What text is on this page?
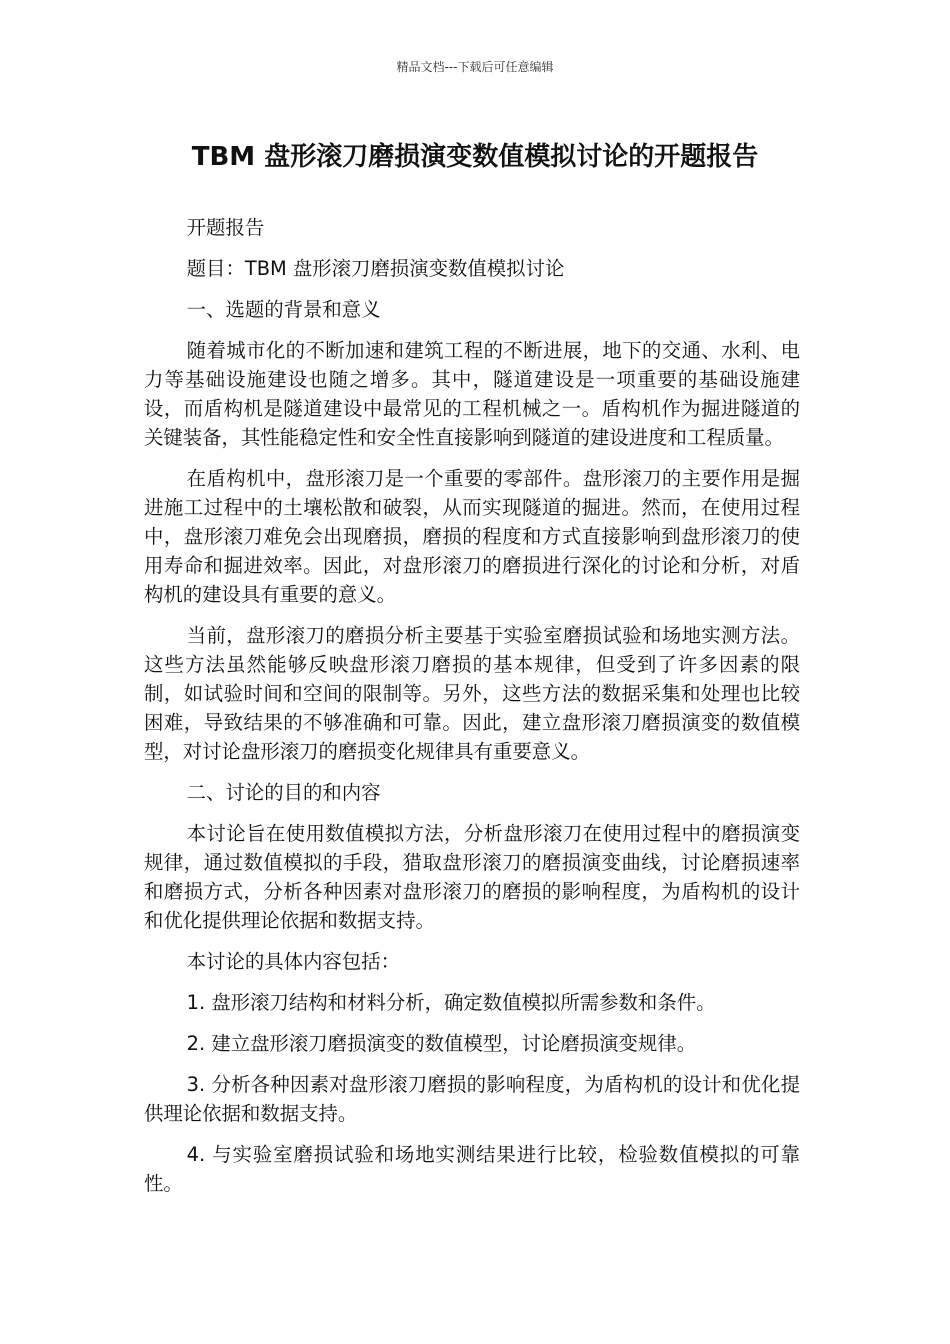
精品文档---下载后可任意编辑
TBM 盘形滚刀磨损演变数值模拟讨论的开题报告

开题报告

题目：TBM 盘形滚刀磨损演变数值模拟讨论

一、选题的背景和意义

随着城市化的不断加速和建筑工程的不断进展，地下的交通、水利、电力等基础设施建设也随之增多。其中，隧道建设是一项重要的基础设施建设，而盾构机是隧道建设中最常见的工程机械之一。盾构机作为掘进隧道的关键装备，其性能稳定性和安全性直接影响到隧道的建设进度和工程质量。

在盾构机中，盘形滚刀是一个重要的零部件。盘形滚刀的主要作用是掘进施工过程中的土壤松散和破裂，从而实现隧道的掘进。然而，在使用过程中，盘形滚刀难免会出现磨损，磨损的程度和方式直接影响到盘形滚刀的使用寿命和掘进效率。因此，对盘形滚刀的磨损进行深化的讨论和分析，对盾构机的建设具有重要的意义。

当前，盘形滚刀的磨损分析主要基于实验室磨损试验和场地实测方法。这些方法虽然能够反映盘形滚刀磨损的基本规律，但受到了许多因素的限制，如试验时间和空间的限制等。另外，这些方法的数据采集和处理也比较困难，导致结果的不够准确和可靠。因此，建立盘形滚刀磨损演变的数值模型，对讨论盘形滚刀的磨损变化规律具有重要意义。

二、讨论的目的和内容

本讨论旨在使用数值模拟方法，分析盘形滚刀在使用过程中的磨损演变规律，通过数值模拟的手段，猎取盘形滚刀的磨损演变曲线，讨论磨损速率和磨损方式，分析各种因素对盘形滚刀的磨损的影响程度，为盾构机的设计和优化提供理论依据和数据支持。

本讨论的具体内容包括：

1. 盘形滚刀结构和材料分析，确定数值模拟所需参数和条件。

2. 建立盘形滚刀磨损演变的数值模型，讨论磨损演变规律。

3. 分析各种因素对盘形滚刀磨损的影响程度，为盾构机的设计和优化提供理论依据和数据支持。

4. 与实验室磨损试验和场地实测结果进行比较，检验数值模拟的可靠性。
